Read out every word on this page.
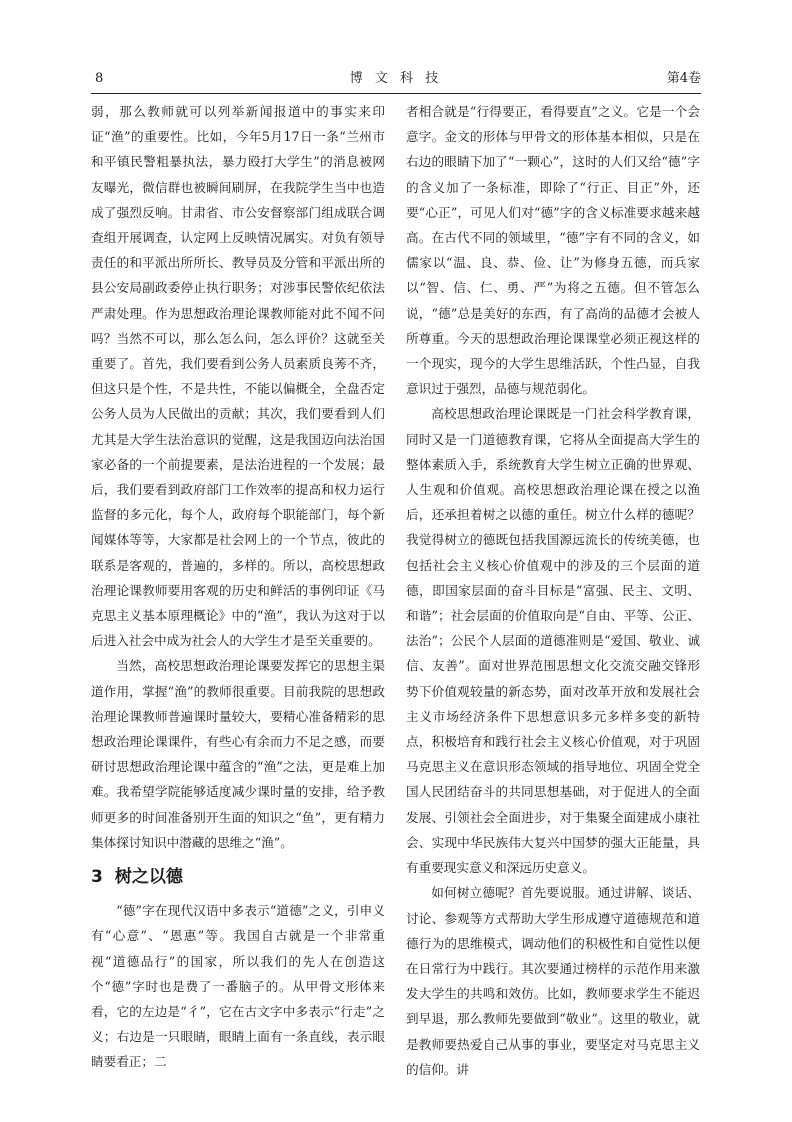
8	博 文 科 技	第4卷

弱，那么教师就可以列举新闻报道中的事实来印证“渔”的重要性。比如，今年5月17日一条“兰州市和平镇民警粗暴执法，暴力殴打大学生”的消息被网友曝光，微信群也被瞬间刷屏，在我院学生当中也造成了强烈反响。甘肃省、市公安督察部门组成联合调查组开展调查，认定网上反映情况属实。对负有领导责任的和平派出所所长、教导员及分管和平派出所的县公安局副政委停止执行职务；对涉事民警依纪依法严肃处理。作为思想政治理论课教师能对此不闻不问吗？当然不可以，那么怎么问，怎么评价？这就至关重要了。首先，我们要看到公务人员素质良莠不齐，但这只是个性，不是共性，不能以偏概全，全盘否定公务人员为人民做出的贡献；其次，我们要看到人们尤其是大学生法治意识的觉醒，这是我国迈向法治国家必备的一个前提要素，是法治进程的一个发展；最后，我们要看到政府部门工作效率的提高和权力运行监督的多元化，每个人，政府每个职能部门，每个新闻媒体等等，大家都是社会网上的一个节点，彼此的联系是客观的，普遍的，多样的。所以，高校思想政治理论课教师要用客观的历史和鲜活的事例印证《马克思主义基本原理概论》中的“渔”，我认为这对于以后进入社会中成为社会人的大学生才是至关重要的。

当然，高校思想政治理论课要发挥它的思想主渠道作用，掌握“渔”的教师很重要。目前我院的思想政治理论课教师普遍课时量较大，要精心准备精彩的思想政治理论课课件，有些心有余而力不足之感，而要研讨思想政治理论课中蕴含的“渔”之法，更是难上加难。我希望学院能够适度减少课时量的安排，给予教师更多的时间准备别开生面的知识之“鱼”，更有精力集体探讨知识中潜藏的思维之“渔”。

3 树之以德

“德”字在现代汉语中多表示“道德”之义，引申义有“心意”、“恩惠”等。我国自古就是一个非常重视“道德品行”的国家，所以我们的先人在创造这个“德”字时也是费了一番脑子的。从甲骨文形体来看，它的左边是“彳”，它在古文字中多表示“行走”之义；右边是一只眼睛，眼睛上面有一条直线，表示眼睛要看正；二

者相合就是“行得要正，看得要直”之义。它是一个会意字。金文的形体与甲骨文的形体基本相似，只是在右边的眼睛下加了“一颗心”，这时的人们又给“德”字的含义加了一条标准，即除了“行正、目正”外，还要“心正”，可见人们对“德”字的含义标准要求越来越高。在古代不同的领域里，“德”字有不同的含义，如儒家以“温、良、恭、俭、让”为修身五德，而兵家以“智、信、仁、勇、严”为将之五德。但不管怎么说，“德”总是美好的东西，有了高尚的品德才会被人所尊重。今天的思想政治理论课课堂必须正视这样的一个现实，现今的大学生思维活跃，个性凸显，自我意识过于强烈，品德与规范弱化。

高校思想政治理论课既是一门社会科学教育课，同时又是一门道德教育课，它将从全面提高大学生的整体素质入手，系统教育大学生树立正确的世界观、人生观和价值观。高校思想政治理论课在授之以渔后，还承担着树之以德的重任。树立什么样的德呢？我觉得树立的德既包括我国源远流长的传统美德，也包括社会主义核心价值观中的涉及的三个层面的道德，即国家层面的奋斗目标是“富强、民主、文明、和谐”；社会层面的价值取向是“自由、平等、公正、法治”；公民个人层面的道德准则是“爱国、敬业、诚信、友善”。面对世界范围思想文化交流交融交锋形势下价值观较量的新态势，面对改革开放和发展社会主义市场经济条件下思想意识多元多样多变的新特点，积极培育和践行社会主义核心价值观，对于巩固马克思主义在意识形态领域的指导地位、巩固全党全国人民团结奋斗的共同思想基础，对于促进人的全面发展、引领社会全面进步，对于集聚全面建成小康社会、实现中华民族伟大复兴中国梦的强大正能量，具有重要现实意义和深远历史意义。

如何树立德呢？首先要说服。通过讲解、谈话、讨论、参观等方式帮助大学生形成遵守道德规范和道德行为的思维模式，调动他们的积极性和自觉性以便在日常行为中践行。其次要通过榜样的示范作用来激发大学生的共鸣和效仿。比如，教师要求学生不能迟到早退，那么教师先要做到“敬业”。这里的敬业，就是教师要热爱自己从事的事业，要坚定对马克思主义的信仰。讲
